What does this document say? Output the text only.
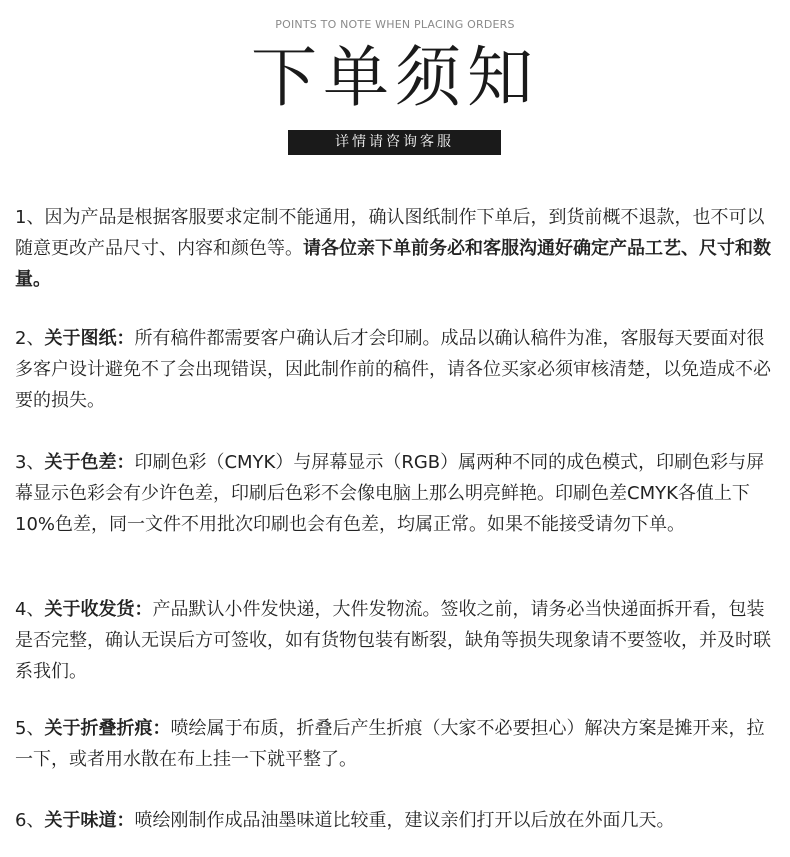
POINTS TO NOTE WHEN PLACING ORDERS
下单须知
详情请咨询客服

1、因为产品是根据客服要求定制不能通用，确认图纸制作下单后，到货前概不退款，也不可以随意更改产品尺寸、内容和颜色等。请各位亲下单前务必和客服沟通好确定产品工艺、尺寸和数量。

2、关于图纸：所有稿件都需要客户确认后才会印刷。成品以确认稿件为准，客服每天要面对很多客户设计避免不了会出现错误，因此制作前的稿件，请各位买家必须审核清楚，以免造成不必要的损失。

3、关于色差：印刷色彩（CMYK）与屏幕显示（RGB）属两种不同的成色模式，印刷色彩与屏幕显示色彩会有少许色差，印刷后色彩不会像电脑上那么明亮鲜艳。印刷色差CMYK各值上下10%色差，同一文件不用批次印刷也会有色差，均属正常。如果不能接受请勿下单。

4、关于收发货：产品默认小件发快递，大件发物流。签收之前，请务必当快递面拆开看，包装是否完整，确认无误后方可签收，如有货物包装有断裂，缺角等损失现象请不要签收，并及时联系我们。

5、关于折叠折痕：喷绘属于布质，折叠后产生折痕（大家不必要担心）解决方案是摊开来，拉一下，或者用水散在布上挂一下就平整了。

6、关于味道：喷绘刚制作成品油墨味道比较重，建议亲们打开以后放在外面几天。
